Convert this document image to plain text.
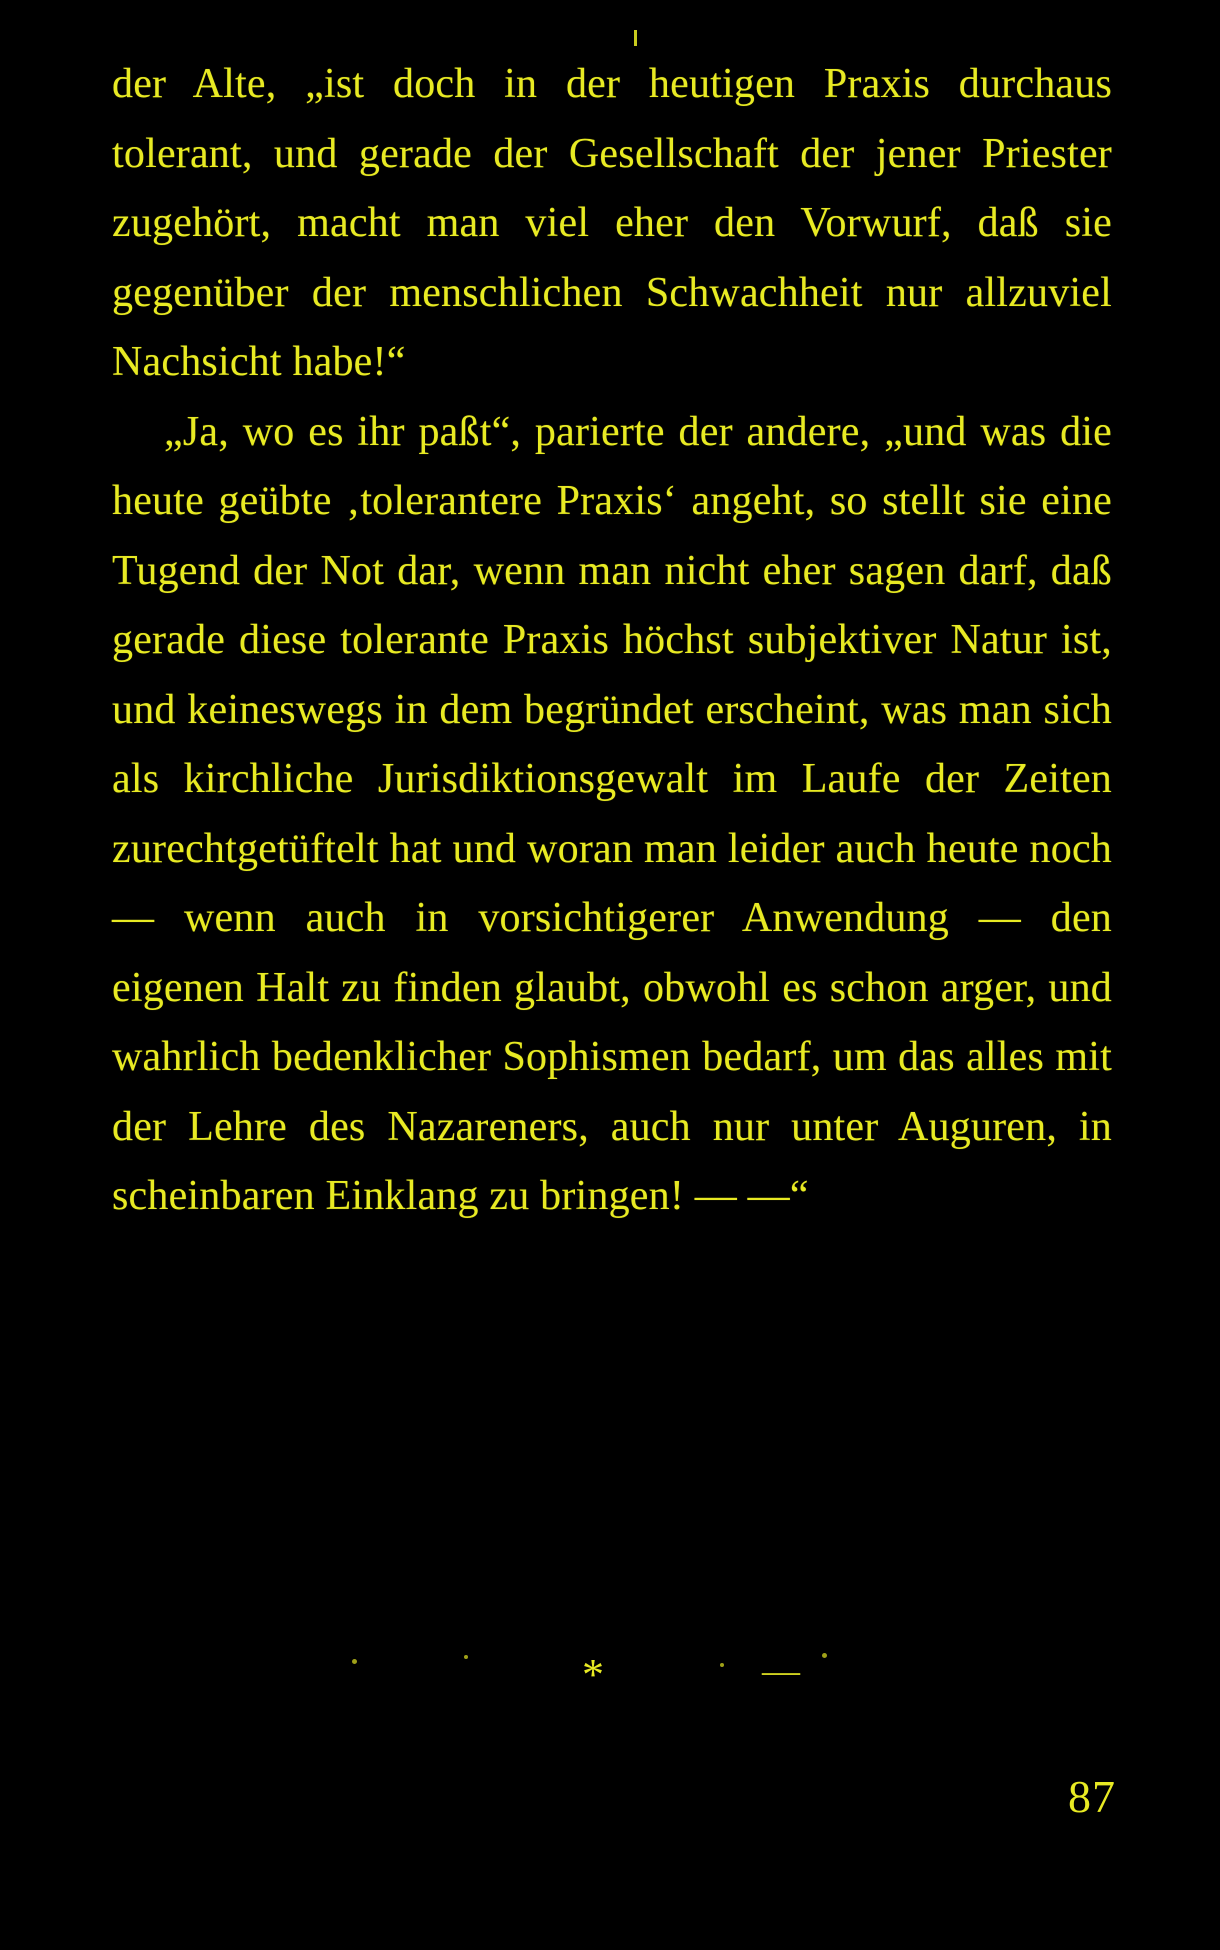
der Alte, „ist doch in der heutigen Praxis durchaus tolerant, und gerade der Gesellschaft der jener Priester zugehört, macht man viel eher den Vorwurf, daß sie gegenüber der menschlichen Schwachheit nur allzuviel Nachsicht habe!“

„Ja, wo es ihr paßt“, parierte der andere, „und was die heute geübte ‚tolerantere Praxis‘ angeht, so stellt sie eine Tugend der Not dar, wenn man nicht eher sagen darf, daß gerade diese tolerante Praxis höchst subjektiver Natur ist, und keineswegs in dem begründet erscheint, was man sich als kirchliche Jurisdiktionsgewalt im Laufe der Zeiten zurechtgetüftelt hat und woran man leider auch heute noch — wenn auch in vorsichtigerer Anwendung — den eigenen Halt zu finden glaubt, obwohl es schon arger, und wahrlich bedenklicher Sophismen bedarf, um das alles mit der Lehre des Nazareners, auch nur unter Auguren, in scheinbaren Einklang zu bringen! — —“

*	—
87
